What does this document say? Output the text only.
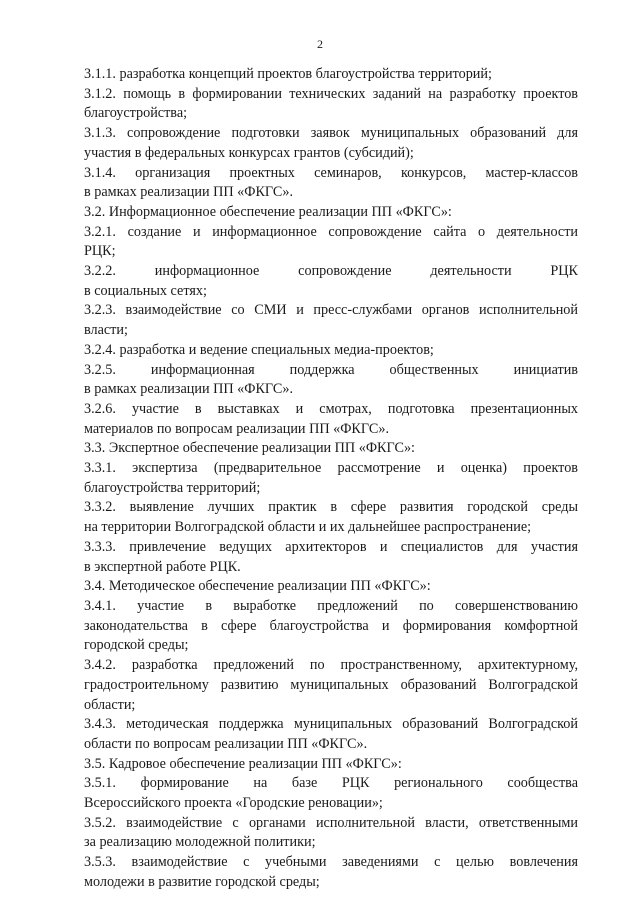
2
3.1.1. разработка концепций проектов благоустройства территорий;
3.1.2. помощь в формировании технических заданий на разработку проектов
благоустройства;
3.1.3. сопровождение подготовки заявок муниципальных образований для
участия в федеральных конкурсах грантов (субсидий);
3.1.4. организация проектных семинаров, конкурсов, мастер-классов
в рамках реализации ПП «ФКГС».
3.2. Информационное обеспечение реализации ПП «ФКГС»:
3.2.1. создание и информационное сопровождение сайта о деятельности
РЦК;
3.2.2. информационное сопровождение деятельности РЦК
в социальных сетях;
3.2.3. взаимодействие со СМИ и пресс-службами органов исполнительной
власти;
3.2.4. разработка и ведение специальных медиа-проектов;
3.2.5. информационная поддержка общественных инициатив
в рамках реализации ПП «ФКГС».
3.2.6. участие в выставках и смотрах, подготовка презентационных
материалов по вопросам реализации ПП «ФКГС».
3.3. Экспертное обеспечение реализации ПП «ФКГС»:
3.3.1. экспертиза (предварительное рассмотрение и оценка) проектов
благоустройства территорий;
3.3.2. выявление лучших практик в сфере развития городской среды
на территории Волгоградской области и их дальнейшее распространение;
3.3.3. привлечение ведущих архитекторов и специалистов для участия
в экспертной работе РЦК.
3.4. Методическое обеспечение реализации ПП «ФКГС»:
3.4.1. участие в выработке предложений по совершенствованию
законодательства в сфере благоустройства и формирования комфортной
городской среды;
3.4.2. разработка предложений по пространственному, архитектурному,
градостроительному развитию муниципальных образований Волгоградской
области;
3.4.3. методическая поддержка муниципальных образований Волгоградской
области по вопросам реализации ПП «ФКГС».
3.5. Кадровое обеспечение реализации ПП «ФКГС»:
3.5.1. формирование на базе РЦК регионального сообщества
Всероссийского проекта «Городские реновации»;
3.5.2. взаимодействие с органами исполнительной власти, ответственными
за реализацию молодежной политики;
3.5.3. взаимодействие с учебными заведениями с целью вовлечения
молодежи в развитие городской среды;
